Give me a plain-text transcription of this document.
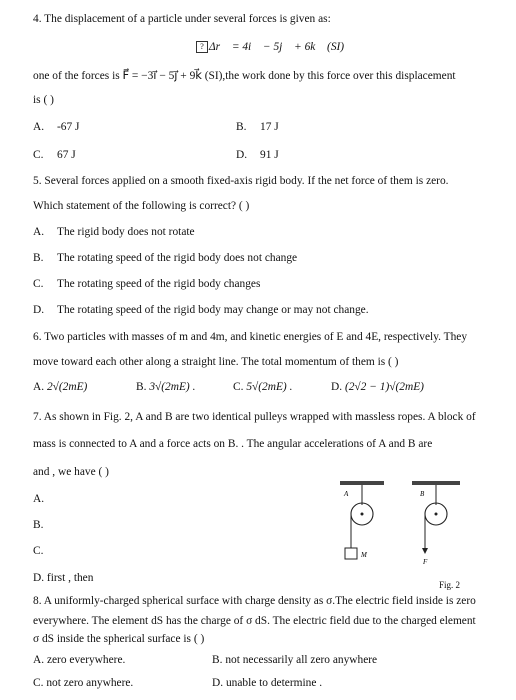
4. The displacement of a particle under several forces is given as:
? Δr⃗ = 4i⃗ − 5j⃗ + 6k⃗ (SI)
one of the forces is F⃗ = −3i⃗ − 5j⃗ + 9k⃗ (SI),the work done by this force over this displacement
is ( )
A. -67 J	B. 17 J
C. 67 J	D. 91 J
5. Several forces applied on a smooth fixed-axis rigid body. If the net force of them is zero.
Which statement of the following is correct? ( )
A. The rigid body does not rotate
B. The rotating speed of the rigid body does not change
C. The rotating speed of the rigid body changes
D. The rotating speed of the rigid body may change or may not change.
6. Two particles with masses of m and 4m, and kinetic energies of E and 4E, respectively. They
move toward each other along a straight line. The total momentum of them is ( )
A. 2√(2mE)	B. 3√(2mE) .	C. 5√(2mE) .	D. (2√2 − 1)√(2mE)
7. As shown in Fig. 2, A and B are two identical pulleys wrapped with massless ropes. A block of
mass is connected to A and a force acts on B. . The angular accelerations of A and B are
and , we have ( )
A.
B.
C.
D. first , then
A
M
B
F
Fig. 2
8. A uniformly-charged spherical surface with charge density as σ.The electric field inside is zero
everywhere. The element dS has the charge of σ dS. The electric field due to the charged element
σ dS inside the spherical surface is ( )
A. zero everywhere.	B. not necessarily all zero anywhere
C. not zero anywhere.	D. unable to determine .
